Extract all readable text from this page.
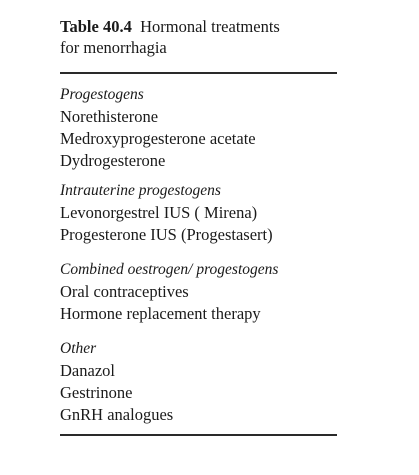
Table 40.4 Hormonal treatments
for menorrhagia
Progestogens
Norethisterone
Medroxyprogesterone acetate
Dydrogesterone
Intrauterine progestogens
Levonorgestrel IUS ( Mirena)
Progesterone IUS (Progestasert)
Combined oestrogen/ progestogens
Oral contraceptives
Hormone replacement therapy
Other
Danazol
Gestrinone
GnRH analogues
